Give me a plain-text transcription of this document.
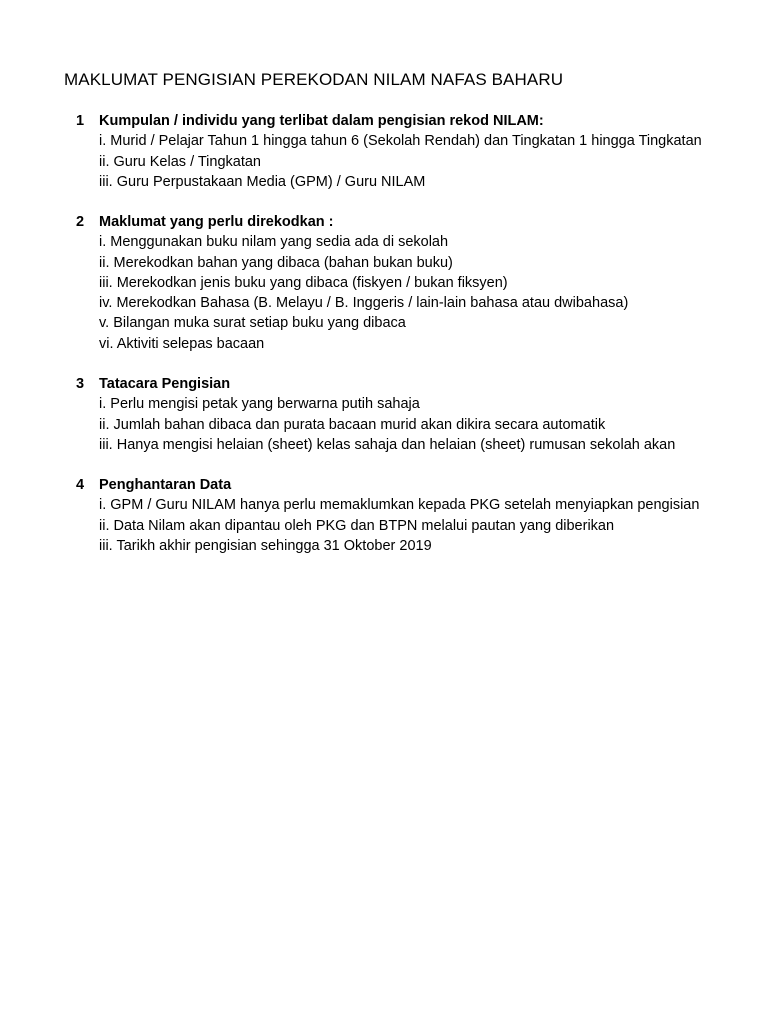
MAKLUMAT PENGISIAN PEREKODAN NILAM NAFAS BAHARU
1 Kumpulan / individu yang terlibat dalam pengisian rekod NILAM:
i. Murid / Pelajar Tahun 1 hingga tahun 6 (Sekolah Rendah) dan Tingkatan 1 hingga Tingkatan
ii. Guru Kelas / Tingkatan
iii. Guru Perpustakaan Media (GPM) / Guru NILAM
2 Maklumat yang perlu direkodkan :
i. Menggunakan buku nilam yang sedia ada di sekolah
ii. Merekodkan bahan yang dibaca (bahan bukan buku)
iii. Merekodkan jenis buku yang dibaca (fiskyen / bukan fiksyen)
iv. Merekodkan Bahasa (B. Melayu / B. Inggeris / lain-lain bahasa atau dwibahasa)
v. Bilangan muka surat setiap buku yang dibaca
vi. Aktiviti selepas bacaan
3 Tatacara Pengisian
i. Perlu mengisi petak yang berwarna putih sahaja
ii. Jumlah bahan dibaca dan purata bacaan murid akan dikira secara automatik
iii. Hanya mengisi helaian (sheet) kelas sahaja dan helaian (sheet) rumusan sekolah akan
4 Penghantaran Data
i. GPM / Guru NILAM hanya perlu memaklumkan kepada PKG setelah menyiapkan pengisian
ii. Data Nilam akan dipantau oleh PKG dan BTPN melalui pautan yang diberikan
iii. Tarikh akhir pengisian sehingga 31 Oktober 2019
